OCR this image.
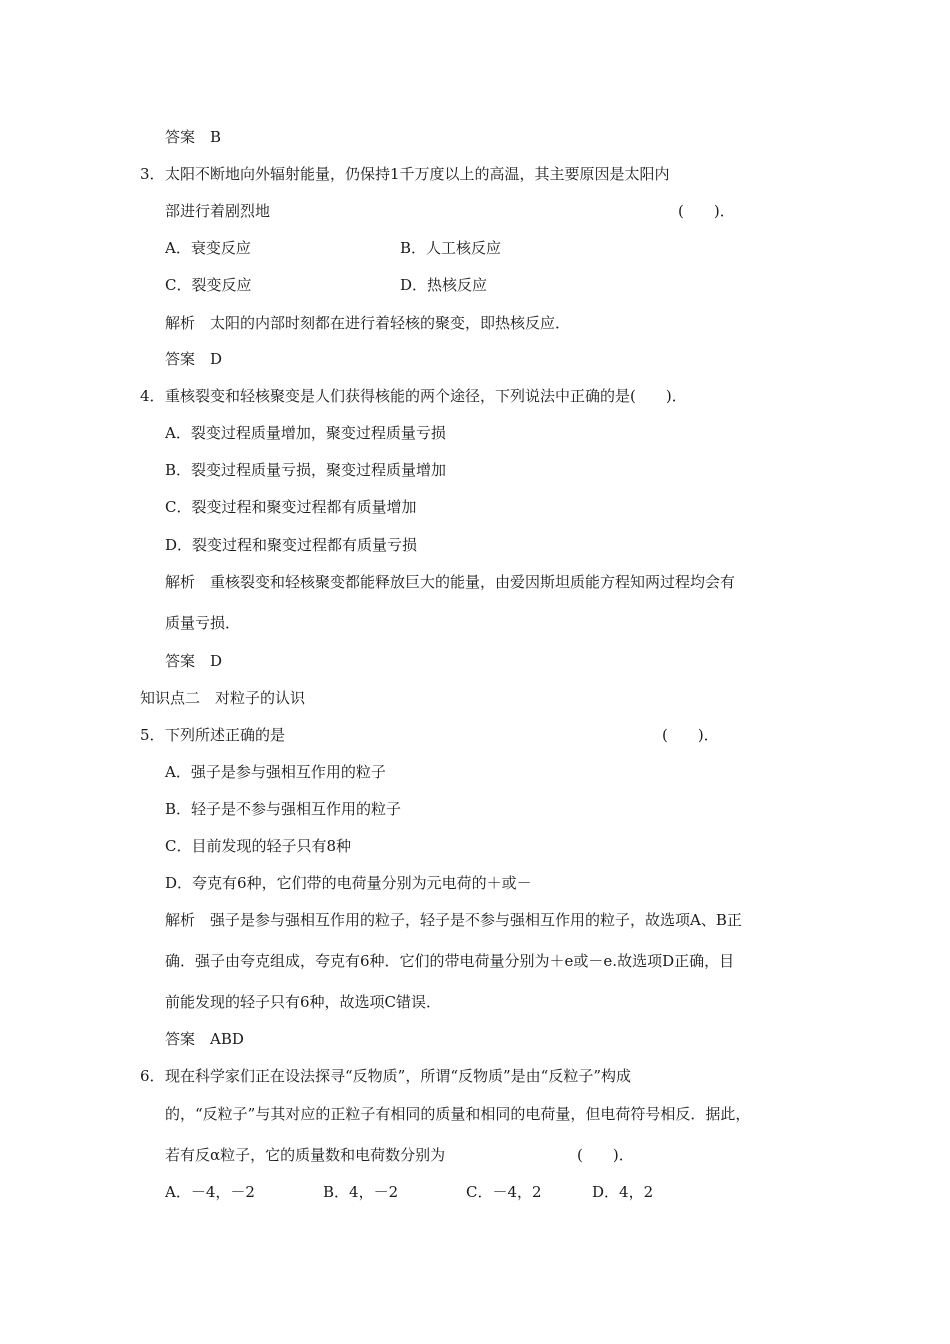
答案　B
3． 太阳不断地向外辐射能量，仍保持1千万度以上的高温，其主要原因是太阳内
部进行着剧烈地	(　　)．
A．衰变反应	B．人工核反应
C．裂变反应	D．热核反应
解析　太阳的内部时刻都在进行着轻核的聚变，即热核反应．
答案　D
4． 重核裂变和轻核聚变是人们获得核能的两个途径，下列说法中正确的是(　　)．
A．裂变过程质量增加，聚变过程质量亏损
B．裂变过程质量亏损，聚变过程质量增加
C．裂变过程和聚变过程都有质量增加
D．裂变过程和聚变过程都有质量亏损
解析　重核裂变和轻核聚变都能释放巨大的能量，由爱因斯坦质能方程知两过程均会有
质量亏损．
答案　D
知识点二　对粒子的认识
5． 下列所述正确的是	(　　)．
A．强子是参与强相互作用的粒子
B．轻子是不参与强相互作用的粒子
C．目前发现的轻子只有8种
D．夸克有6种，它们带的电荷量分别为元电荷的＋或－
解析　强子是参与强相互作用的粒子，轻子是不参与强相互作用的粒子，故选项A、B正
确．强子由夸克组成，夸克有6种．它们的带电荷量分别为＋e或－e.故选项D正确，目
前能发现的轻子只有6种，故选项C错误．
答案　ABD
6． 现在科学家们正在设法探寻“反物质”，所谓“反物质”是由“反粒子”构成
的，“反粒子”与其对应的正粒子有相同的质量和相同的电荷量，但电荷符号相反．据此，
若有反α粒子，它的质量数和电荷数分别为	(　　)．
A．－4，－2	B．4，－2	C．－4，2	D．4，2
